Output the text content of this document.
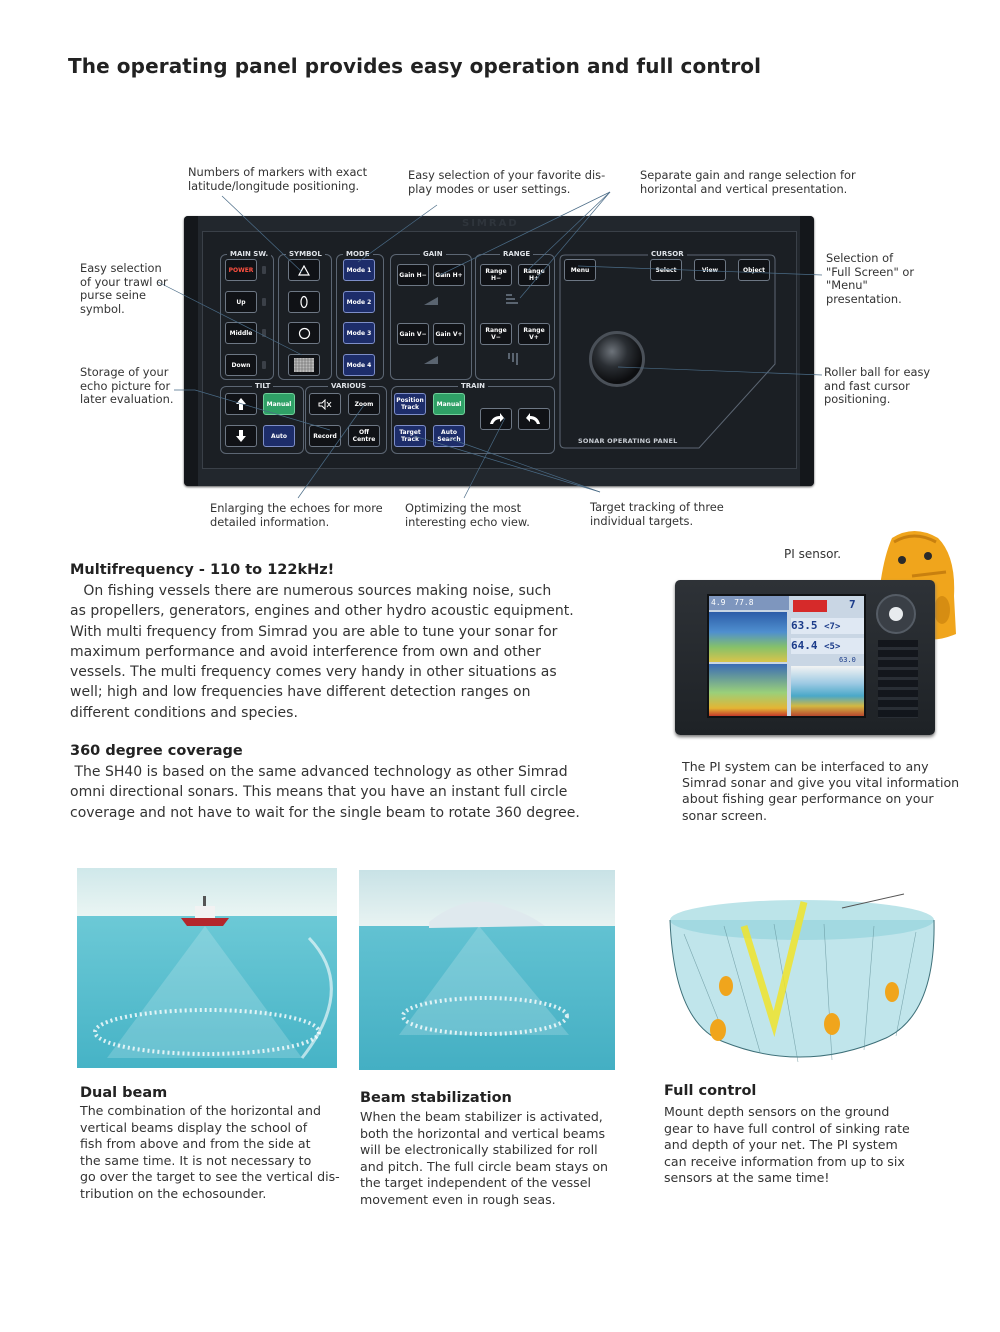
The operating panel provides easy operation and full control
Numbers of markers with exact latitude/longitude positioning.
Easy selection of your favorite dis- play modes or user settings.
Separate gain and range selection for horizontal and vertical presentation.
Easy selection of your trawl or purse seine symbol.
Storage of your echo picture for later evaluation.
Selection of "Full Screen" or "Menu" presentation.
Roller ball for easy and fast cursor positioning.
Enlarging the echoes for more detailed information.
Optimizing the most interesting echo view.
Target tracking of three individual targets.
SIMRAD
MAIN SW.
POWER
Up
Middle
Down
SYMBOL	MODE
Mode 1
Mode 2
Mode 3
Mode 4
GAIN
Gain H−	Gain H+
Gain V−	Gain V+
RANGE
Range H−
Range H+
Range V−
Range V+
CURSOR
Menu	Select	View	Object
SONAR OPERATING PANEL
TILT
Manual
Auto
VARIOUS
Zoom
Record	Off Centre
TRAIN
Position Track	Manual
Target Track
Auto Search
Multifrequency - 110 to 122kHz!
On fishing vessels there are numerous sources making noise, such
as propellers, generators, engines and other hydro acoustic equipment.
With multi frequency from Simrad you are able to tune your sonar for
maximum performance and avoid interference from own and other
vessels. The multi frequency comes very handy in other situations as
well; high and low frequencies have different detection ranges on
different conditions and species.
360 degree coverage
The SH40 is based on the same advanced technology as other Simrad
omni directional sonars. This means that you have an instant full circle
coverage and not have to wait for the single beam to rotate 360 degree.
PI sensor.
4.9 77.8	7
63.5 <7>
64.4 <5>
63.0
The PI system can be interfaced to any
Simrad sonar and give you vital information
about fishing gear performance on your
sonar screen.
Dual beam
The combination of the horizontal and
vertical beams display the school of
fish from above and from the side at
the same time. It is not necessary to
go over the target to see the vertical dis-
tribution on the echosounder.
Beam stabilization
When the beam stabilizer is activated,
both the horizontal and vertical beams
will be electronically stabilized for roll
and pitch. The full circle beam stays on
the target independent of the vessel
movement even in rough seas.
Full control
Mount depth sensors on the ground
gear to have full control of sinking rate
and depth of your net. The PI system
can receive information from up to six
sensors at the same time!
